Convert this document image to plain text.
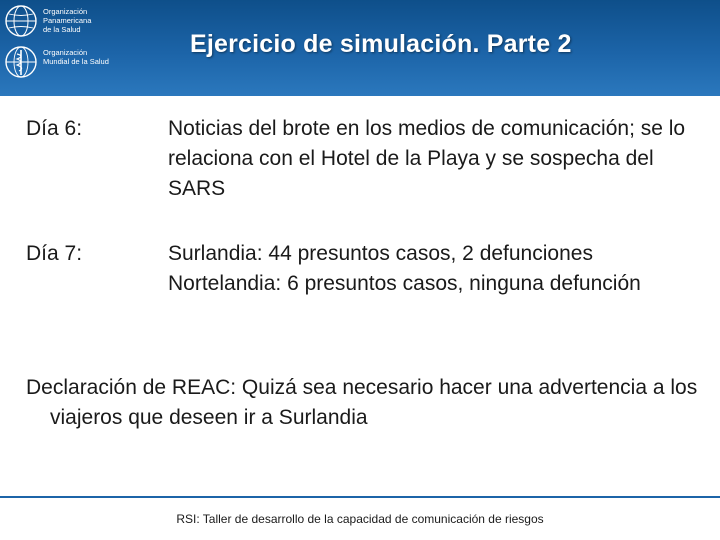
Organización
Panamericana
de la Salud
Organización
Mundial de la Salud
Ejercicio de simulación. Parte 2
Día 6:	Noticias del brote en los medios de comunicación; se lo relaciona con el Hotel de la Playa y se sospecha del SARS
Día 7:	Surlandia: 44 presuntos casos, 2 defunciones
Nortelandia: 6 presuntos casos, ninguna defunción
Declaración de REAC: Quizá sea necesario hacer una advertencia a los viajeros que deseen ir a Surlandia
RSI: Taller de desarrollo de la capacidad de comunicación de riesgos
